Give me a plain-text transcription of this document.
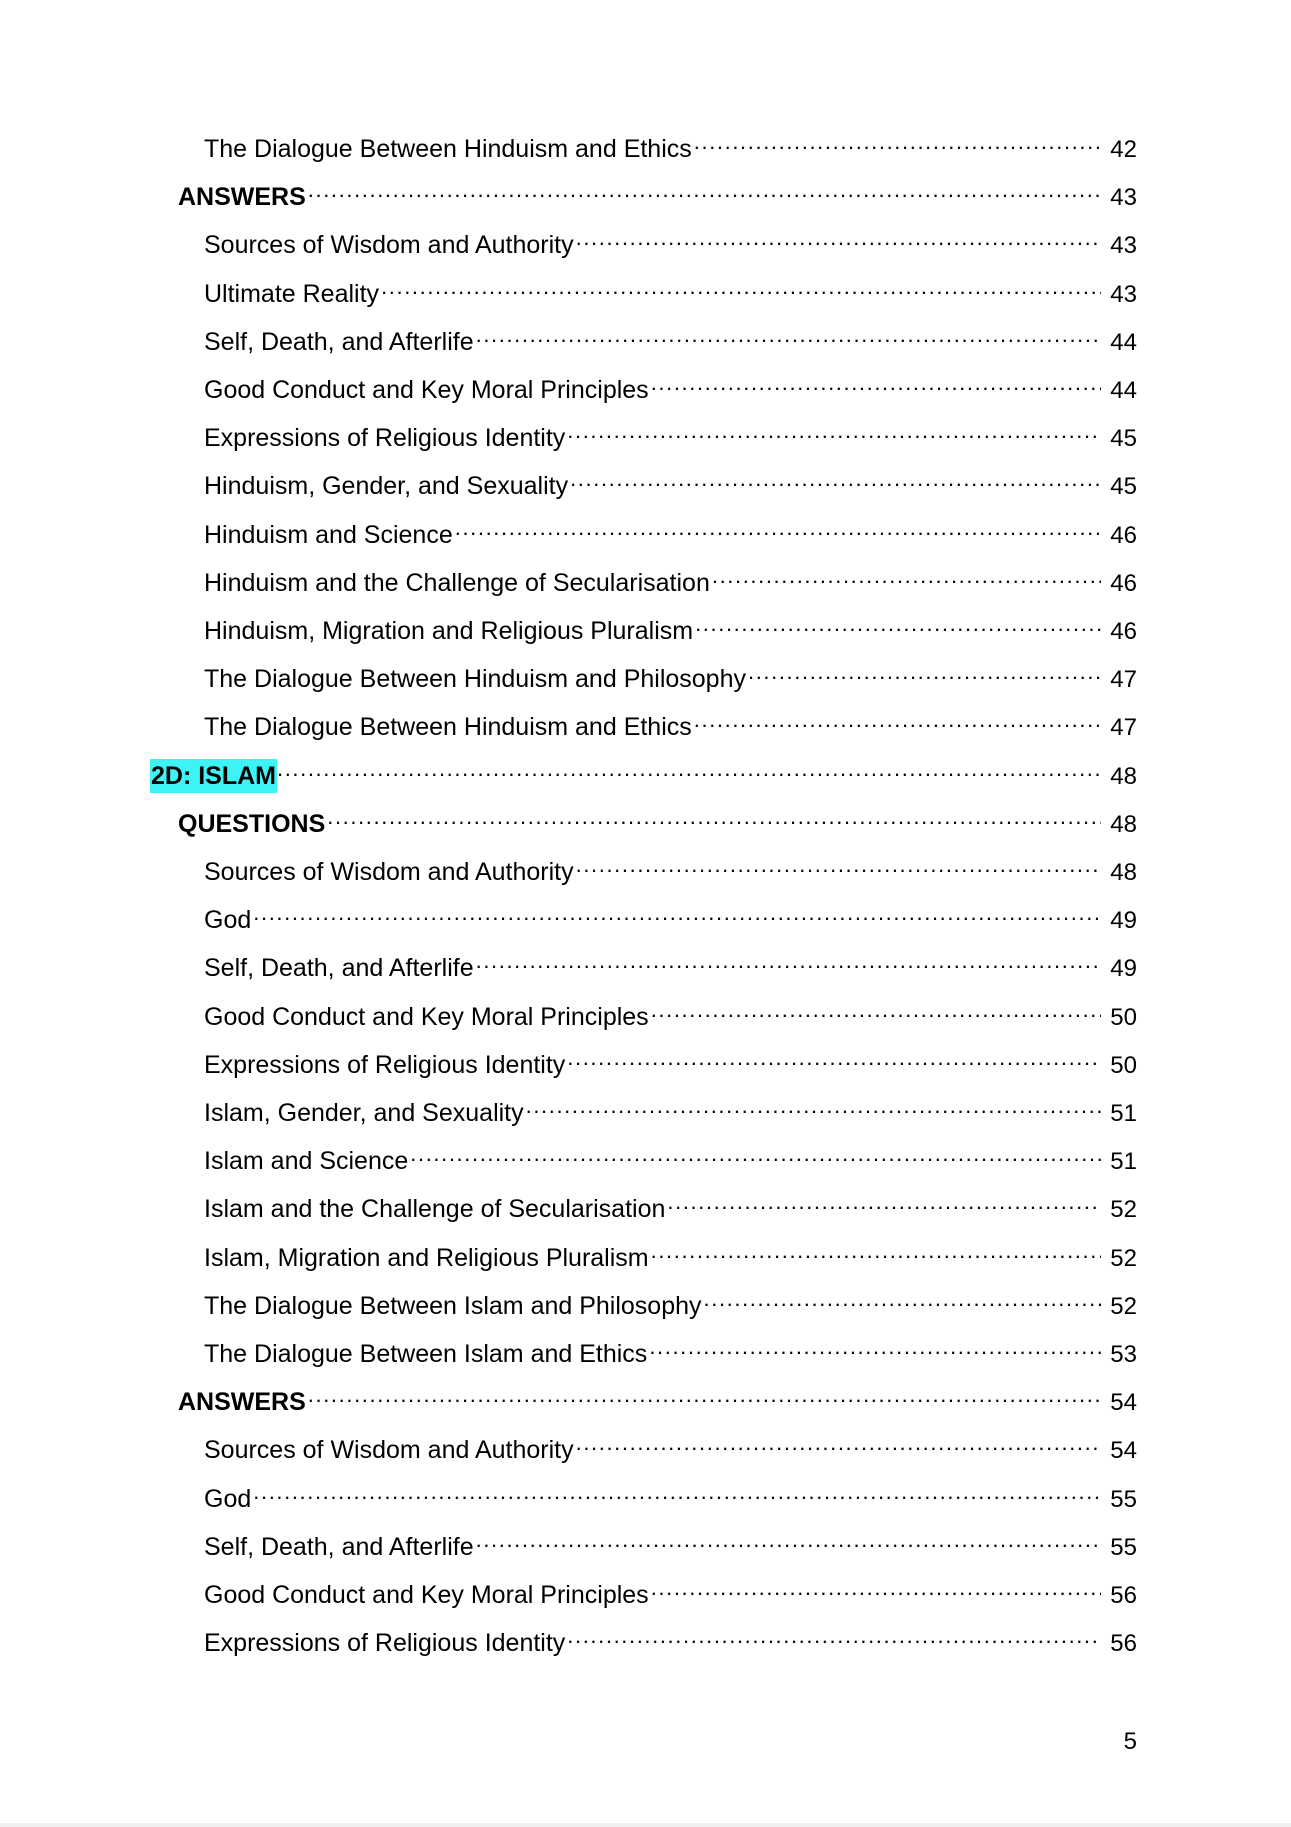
The Dialogue Between Hinduism and Ethics .....	42
ANSWERS .....	43
Sources of Wisdom and Authority .....	43
Ultimate Reality .....	43
Self, Death, and Afterlife .....	44
Good Conduct and Key Moral Principles .....	44
Expressions of Religious Identity .....	45
Hinduism, Gender, and Sexuality .....	45
Hinduism and Science .....	46
Hinduism and the Challenge of Secularisation .....	46
Hinduism, Migration and Religious Pluralism .....	46
The Dialogue Between Hinduism and Philosophy .....	47
The Dialogue Between Hinduism and Ethics .....	47
2D: ISLAM .....	48
QUESTIONS .....	48
Sources of Wisdom and Authority .....	48
God .....	49
Self, Death, and Afterlife .....	49
Good Conduct and Key Moral Principles .....	50
Expressions of Religious Identity .....	50
Islam, Gender, and Sexuality .....	51
Islam and Science .....	51
Islam and the Challenge of Secularisation .....	52
Islam, Migration and Religious Pluralism .....	52
The Dialogue Between Islam and Philosophy .....	52
The Dialogue Between Islam and Ethics .....	53
ANSWERS .....	54
Sources of Wisdom and Authority .....	54
God .....	55
Self, Death, and Afterlife .....	55
Good Conduct and Key Moral Principles .....	56
Expressions of Religious Identity .....	56
5
